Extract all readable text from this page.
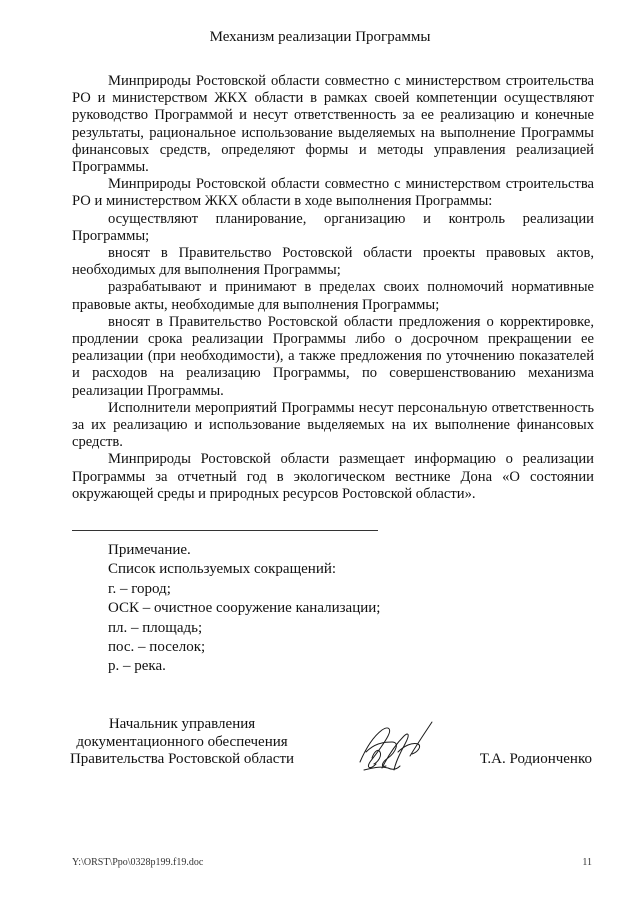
Механизм реализации Программы

Минприроды Ростовской области совместно с министерством строительства РО и министерством ЖКХ области в рамках своей компетенции осуществляют руководство Программой и несут ответственность за ее реализацию и конечные результаты, рациональное использование выделяемых на выполнение Программы финансовых средств, определяют формы и методы управления реализацией Программы.

Минприроды Ростовской области совместно с министерством строительства РО и министерством ЖКХ области в ходе выполнения Программы:

осуществляют планирование, организацию и контроль реализации Программы;

вносят в Правительство Ростовской области проекты правовых актов, необходимых для выполнения Программы;

разрабатывают и принимают в пределах своих полномочий нормативные правовые акты, необходимые для выполнения Программы;

вносят в Правительство Ростовской области предложения о корректировке, продлении срока реализации Программы либо о досрочном прекращении ее реализации (при необходимости), а также предложения по уточнению показателей и расходов на реализацию Программы, по совершенствованию механизма реализации Программы.

Исполнители мероприятий Программы несут персональную ответственность за их реализацию и использование выделяемых на их выполнение финансовых средств.

Минприроды Ростовской области размещает информацию о реализации Программы за отчетный год в экологическом вестнике Дона «О состоянии окружающей среды и природных ресурсов Ростовской области».

Примечание.
Список используемых сокращений:
г. – город;
ОСК – очистное сооружение канализации;
пл. – площадь;
пос. – поселок;
р. – река.
Начальник управления
документационного обеспечения
Правительства Ростовской области	Т.А. Родионченко
Y:\ORST\Ppo\0328p199.f19.doc	11
